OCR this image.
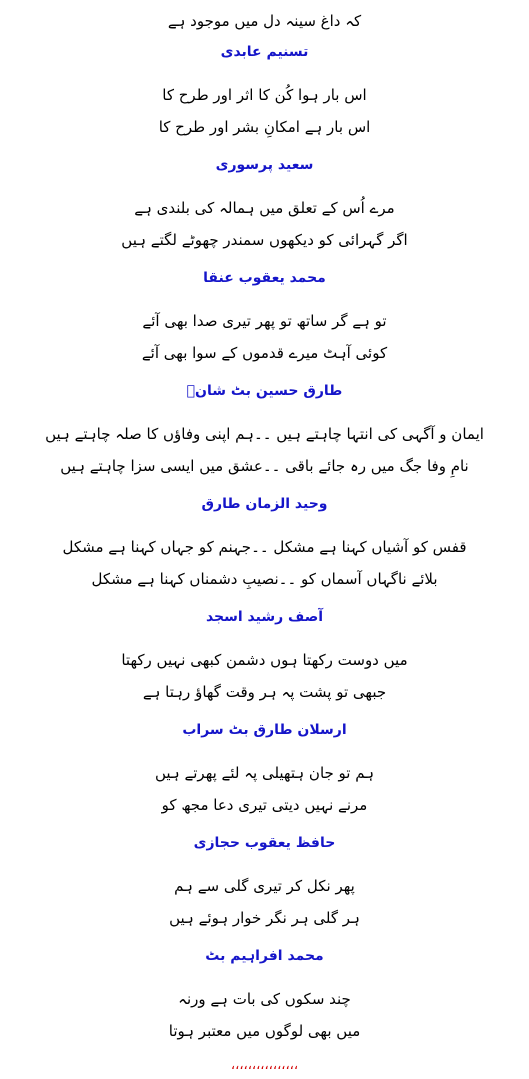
کہ داغ سینہ دل میں موجود ہے
تسنیم عابدی
اس بار ہوا کُن کا اثر اور طرح کا
اس بار ہے امکانِ بشر اور طرح کا
سعید پرسوری
مرے اُس کے تعلق میں ہمالہ کی بلندی ہے
اگر گہرائی کو دیکھوں سمندر چھوٹے لگتے ہیں
محمد یعقوب عنقا
تو ہے گر ساتھ تو پھر تیری صدا بھی آئے
کوئی آہٹ میرے قدموں کے سوا بھی آئے
طارق حسین بٹ شانؔ
ایمان و آگہی کی انتہا چاہتے ہیں ۔۔ہم اپنی وفاؤں کا صلہ چاہتے ہیں
نامِ وفا جگ میں رہ جائے باقی ۔۔عشق میں ایسی سزا چاہتے ہیں
وحید الزمان طارق
قفس کو آشیاں کہنا ہے مشکل ۔۔جہنم کو جہاں کہنا ہے مشکل
بلائے ناگہاں آسماں کو ۔۔نصیبِ دشمناں کہنا ہے مشکل
آصف رشید اسجد
میں دوست رکھتا ہوں دشمن کبھی نہیں رکھتا
جبھی تو پشت پہ ہر وقت گھاؤ رہتا ہے
ارسلان طارق بٹ سراب
ہم تو جان ہتھیلی پہ لئے پھرتے ہیں
مرنے نہیں دیتی تیری دعا مجھ کو
حافظ یعقوب حجازی
پھر نکل کر تیری گلی سے ہم
ہر گلی ہر نگر خوار ہوئے ہیں
محمد افراہیم بٹ
چند سکوں کی بات ہے ورنہ
میں بھی لوگوں میں معتبر ہوتا
،،،،،،،،،،،،،،،،
